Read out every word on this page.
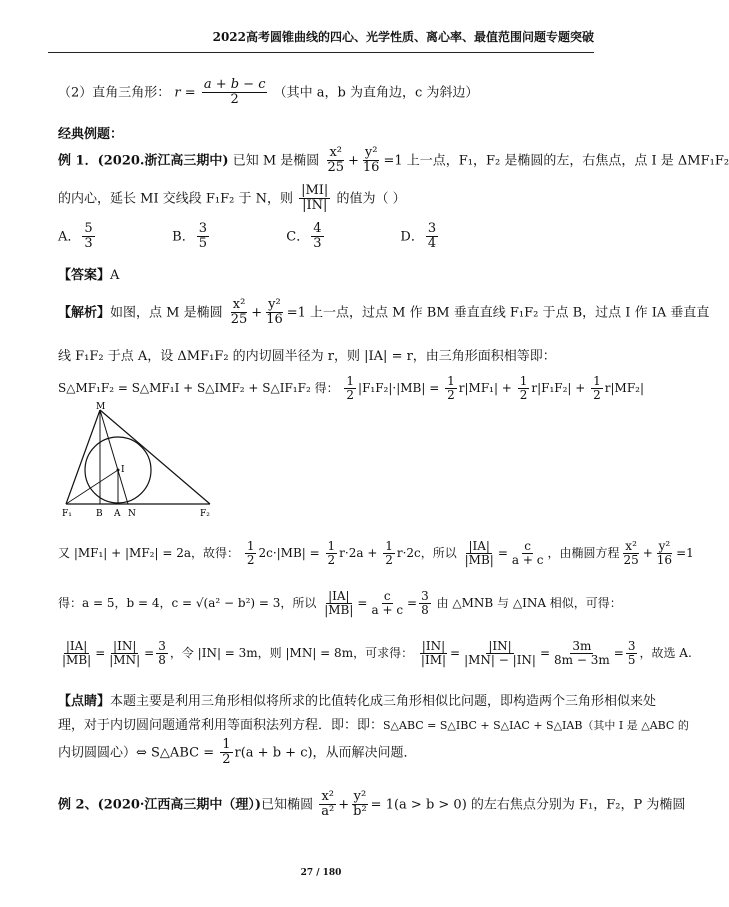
2022高考圆锥曲线的四心、光学性质、离心率、最值范围问题专题突破
（2）直角三角形： $r = \frac{a + b - c}{2}$ （其中 a，b 为直角边，c 为斜边）
经典例题：
例 1．(2020.浙江高三期中) 已知 M 是椭圆 $\frac{\text{x²}}{25} + \frac{\text{y²}}{16} =1$ 上一点，F₁，F₂ 是椭圆的左，右焦点，点 I 是 ΔMF₁F₂
的内心，延长 MI 交线段 F₁F₂ 于 N，则 $\frac{|MI|}{|IN|}$ 的值为（ ）
A． $\frac{5}{3}$	B． $\frac{3}{5}$	C． $\frac{4}{3}$	D． $\frac{3}{4}$
【答案】A
【解析】如图，点 M 是椭圆 $\frac{\text{x²}}{25} + \frac{\text{y²}}{16} =1$ 上一点，过点 M 作 BM 垂直直线 F₁F₂ 于点 B，过点 I 作 IA 垂直直
线 F₁F₂ 于点 A，设 ΔMF₁F₂ 的内切圆半径为 r，则 |IA| = r，由三角形面积相等即：
S△MF₁F₂ = S△MF₁I + S△IMF₂ + S△IF₁F₂ 得： $\frac{1}{2} |F_1F_2|\cdot|MB| = \frac{1}{2} r|MF_1| + \frac{1}{2} r|F_1F_2| + \frac{1}{2} r|MF_2|$
M
I
F₁	B A N	F₂
又 |MF₁| + |MF₂| = 2a，故得： $\frac{1}{2} 2c\cdot|MB| = \frac{1}{2} r\cdot 2a + \frac{1}{2} r\cdot 2c$，所以 $\frac{|IA|}{|MB|} = \frac{c}{a + c}$ ，由椭圆方程 $\frac{\text{x²}}{25} + \frac{\text{y²}}{16} =1$
得：a = 5，b = 4，c = √(a² − b²) = 3，所以 $\frac{|IA|}{|MB|} = \frac{c}{a + c} = \frac{3}{8}$ 由 △MNB 与 △INA 相似，可得：
$\frac{|IA|}{|MB|} = \frac{|IN|}{|MN|} = \frac{3}{8}$ ，令 |IN| = 3m，则 |MN| = 8m，可求得： $\frac{|IN|}{|IM|} = \frac{|IN|}{|MN| - |IN|} = \frac{3m}{8m - 3m} = \frac{3}{5}$ ，故选 A.
【点睛】本题主要是利用三角形相似将所求的比值转化成三角形相似比问题，即构造两个三角形相似来处
理，对于内切圆问题通常利用等面积法列方程．即：即：S△ABC = S△IBC + S△IAC + S△IAB（其中 I 是 △ABC 的
内切圆圆心）⇔ S△ABC = $\frac{1}{2} r(a + b + c)$，从而解决问题．
例 2、(2020·江西高三期中（理）)已知椭圆 $\frac{\text{x²}}{\text{a²}} + \frac{\text{y²}}{\text{b²}} = 1(a > b > 0)$ 的左右焦点分别为 F₁，F₂，P 为椭圆
27 / 180
